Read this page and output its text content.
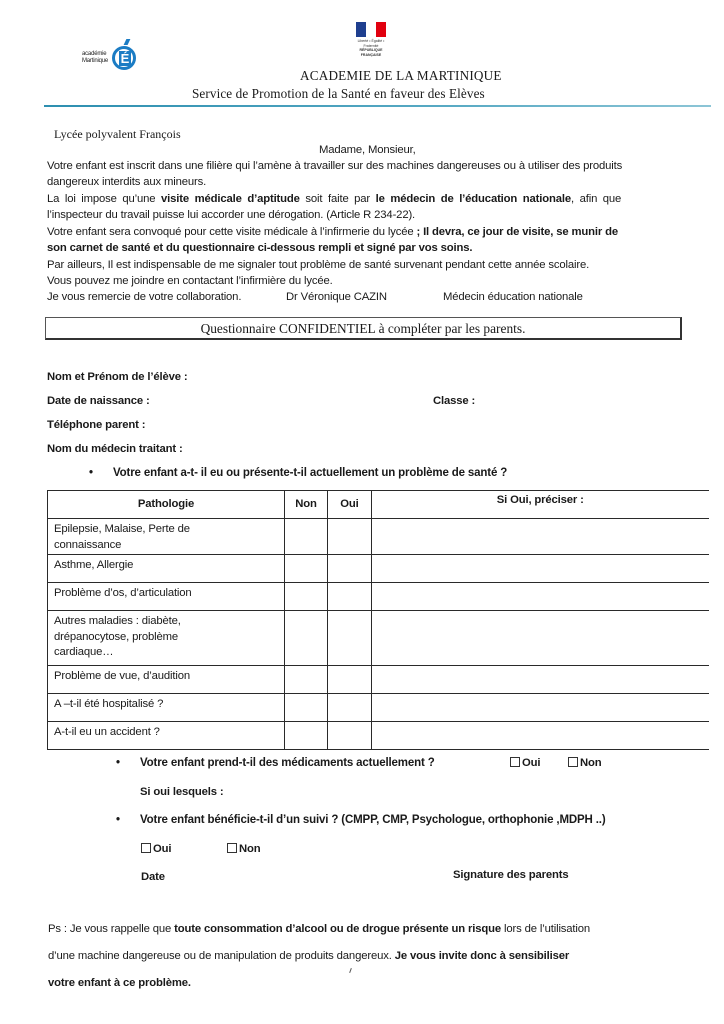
académie
Martinique É
Liberté • Égalité • Fraternité
RÉPUBLIQUE FRANÇAISE
ACADEMIE DE LA MARTINIQUE
Service de Promotion de la Santé en faveur des Elèves
Lycée polyvalent François
Madame, Monsieur,
Votre enfant est inscrit dans une filière qui l’amène à travailler sur des machines dangereuses ou à utiliser des produits
dangereux interdits aux mineurs.
La loi impose qu’une visite médicale d’aptitude soit faite par le médecin de l’éducation nationale, afin que
l’inspecteur du travail puisse lui accorder une dérogation. (Article R 234-22).
Votre enfant sera convoqué pour cette visite médicale à l’infirmerie du lycée ; Il devra, ce jour de visite, se munir de
son carnet de santé et du questionnaire ci-dessous rempli et signé par vos soins.
Par ailleurs, Il est indispensable de me signaler tout problème de santé survenant pendant cette année scolaire.
Vous pouvez me joindre en contactant l’infirmière du lycée.
Je vous remercie de votre collaboration.	Dr Véronique CAZIN	Médecin éducation nationale
Questionnaire CONFIDENTIEL à compléter par les parents.
Nom et Prénom de l’élève :
Date de naissance :	Classe :
Téléphone parent :
Nom du médecin traitant :
• Votre enfant a-t- il eu ou présente-t-il actuellement un problème de santé ?
Pathologie	Non	Oui	Si Oui, préciser :
Epilepsie, Malaise, Perte de connaissance			
Asthme, Allergie			
Problème d’os, d’articulation			
Autres maladies : diabète, drépanocytose, problème cardiaque…			
Problème de vue, d’audition			
A –t-il été hospitalisé ?			
A-t-il eu un accident ?			
• Votre enfant prend-t-il des médicaments actuellement ?	Oui	Non
Si oui lesquels :
• Votre enfant bénéficie-t-il d’un suivi ? (CMPP, CMP, Psychologue, orthophonie ,MDPH ..)
Oui	Non
Date	Signature des parents
Ps : Je vous rappelle que toute consommation d’alcool ou de drogue présente un risque lors de l’utilisation
d’une machine dangereuse ou de manipulation de produits dangereux. Je vous invite donc à sensibiliser
votre enfant à ce problème.
